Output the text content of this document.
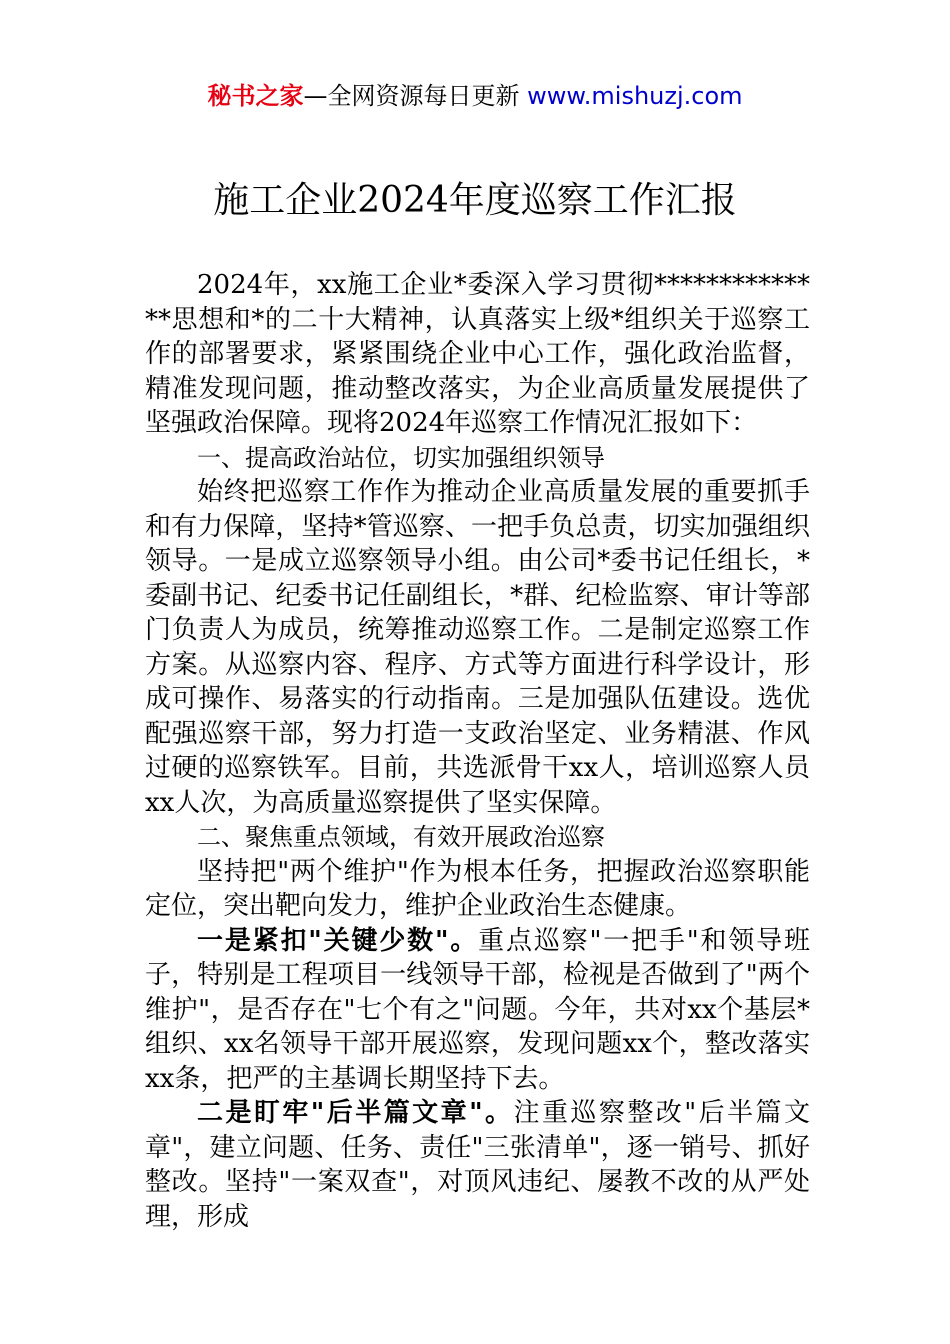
秘书之家—全网资源每日更新 www.mishuzj.com
施工企业2024年度巡察工作汇报

2024年，xx施工企业*委深入学习贯彻**************思想和*的二十大精神，认真落实上级*组织关于巡察工作的部署要求，紧紧围绕企业中心工作，强化政治监督，精准发现问题，推动整改落实，为企业高质量发展提供了坚强政治保障。现将2024年巡察工作情况汇报如下：

一、提高政治站位，切实加强组织领导

始终把巡察工作作为推动企业高质量发展的重要抓手和有力保障，坚持*管巡察、一把手负总责，切实加强组织领导。一是成立巡察领导小组。由公司*委书记任组长，*委副书记、纪委书记任副组长，*群、纪检监察、审计等部门负责人为成员，统筹推动巡察工作。二是制定巡察工作方案。从巡察内容、程序、方式等方面进行科学设计，形成可操作、易落实的行动指南。三是加强队伍建设。选优配强巡察干部，努力打造一支政治坚定、业务精湛、作风过硬的巡察铁军。目前，共选派骨干xx人，培训巡察人员xx人次，为高质量巡察提供了坚实保障。

二、聚焦重点领域，有效开展政治巡察

坚持把"两个维护"作为根本任务，把握政治巡察职能定位，突出靶向发力，维护企业政治生态健康。

一是紧扣"关键少数"。重点巡察"一把手"和领导班子，特别是工程项目一线领导干部，检视是否做到了"两个维护"，是否存在"七个有之"问题。今年，共对xx个基层*组织、xx名领导干部开展巡察，发现问题xx个，整改落实xx条，把严的主基调长期坚持下去。

二是盯牢"后半篇文章"。注重巡察整改"后半篇文章"，建立问题、任务、责任"三张清单"，逐一销号、抓好整改。坚持"一案双查"，对顶风违纪、屡教不改的从严处理，形成
